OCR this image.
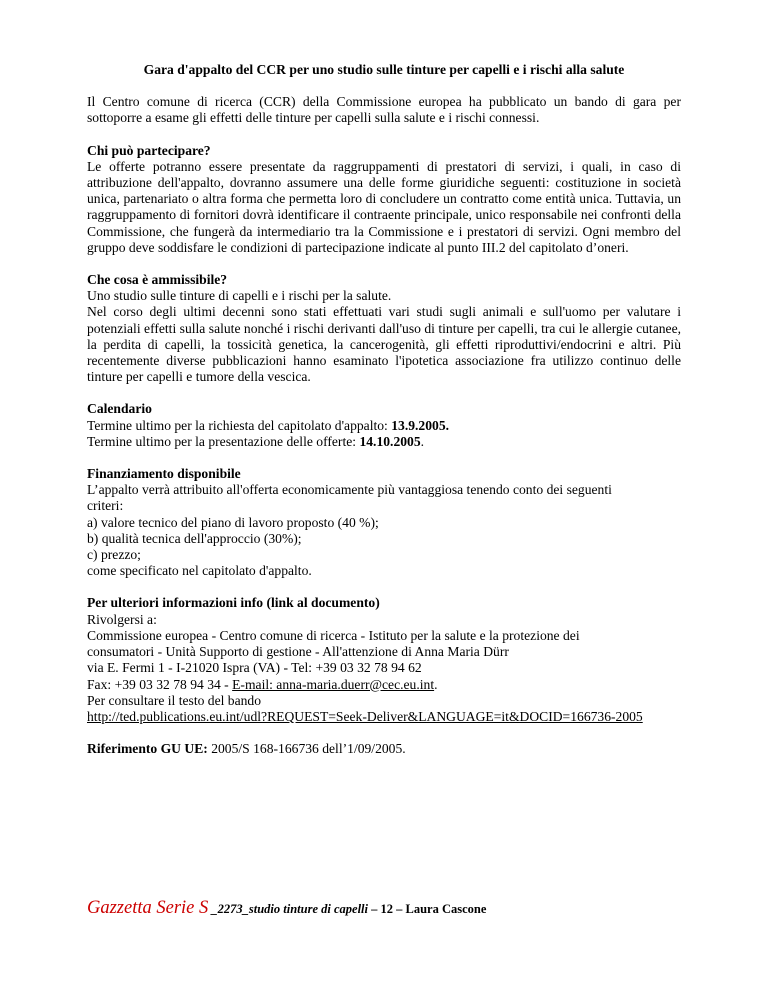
Gara d'appalto del CCR per uno studio sulle tinture per capelli e i rischi alla salute

Il Centro comune di ricerca (CCR) della Commissione europea ha pubblicato un bando di gara per sottoporre a esame gli effetti delle tinture per capelli sulla salute e i rischi connessi.

Chi può partecipare?
Le offerte potranno essere presentate da raggruppamenti di prestatori di servizi, i quali, in caso di attribuzione dell'appalto, dovranno assumere una delle forme giuridiche seguenti: costituzione in società unica, partenariato o altra forma che permetta loro di concludere un contratto come entità unica. Tuttavia, un raggruppamento di fornitori dovrà identificare il contraente principale, unico responsabile nei confronti della Commissione, che fungerà da intermediario tra la Commissione e i prestatori di servizi. Ogni membro del gruppo deve soddisfare le condizioni di partecipazione indicate al punto III.2 del capitolato d’oneri.
Che cosa è ammissibile?
Uno studio sulle tinture di capelli e i rischi per la salute.
Nel corso degli ultimi decenni sono stati effettuati vari studi sugli animali e sull'uomo per valutare i potenziali effetti sulla salute nonché i rischi derivanti dall'uso di tinture per capelli, tra cui le allergie cutanee, la perdita di capelli, la tossicità genetica, la cancerogenità, gli effetti riproduttivi/endocrini e altri. Più recentemente diverse pubblicazioni hanno esaminato l'ipotetica associazione fra utilizzo continuo delle tinture per capelli e tumore della vescica.
Calendario
Termine ultimo per la richiesta del capitolato d'appalto: 13.9.2005.
Termine ultimo per la presentazione delle offerte: 14.10.2005.
Finanziamento disponibile
L’appalto verrà attribuito all'offerta economicamente più vantaggiosa tenendo conto dei seguenti
criteri:
a) valore tecnico del piano di lavoro proposto (40 %);
b) qualità tecnica dell'approccio (30%);
c) prezzo;
come specificato nel capitolato d'appalto.
Per ulteriori informazioni info (link al documento)
Rivolgersi a:
Commissione europea - Centro comune di ricerca - Istituto per la salute e la protezione dei
consumatori - Unità Supporto di gestione - All'attenzione di Anna Maria Dürr
via E. Fermi 1 - I-21020 Ispra (VA) - Tel: +39 03 32 78 94 62
Fax: +39 03 32 78 94 34 - E-mail: anna-maria.duerr@cec.eu.int.
Per consultare il testo del bando
http://ted.publications.eu.int/udl?REQUEST=Seek-Deliver&LANGUAGE=it&DOCID=166736-2005
Riferimento GU UE: 2005/S 168-166736 dell’1/09/2005.
Gazzetta Serie S _2273_studio tinture di capelli – 12 – Laura Cascone
